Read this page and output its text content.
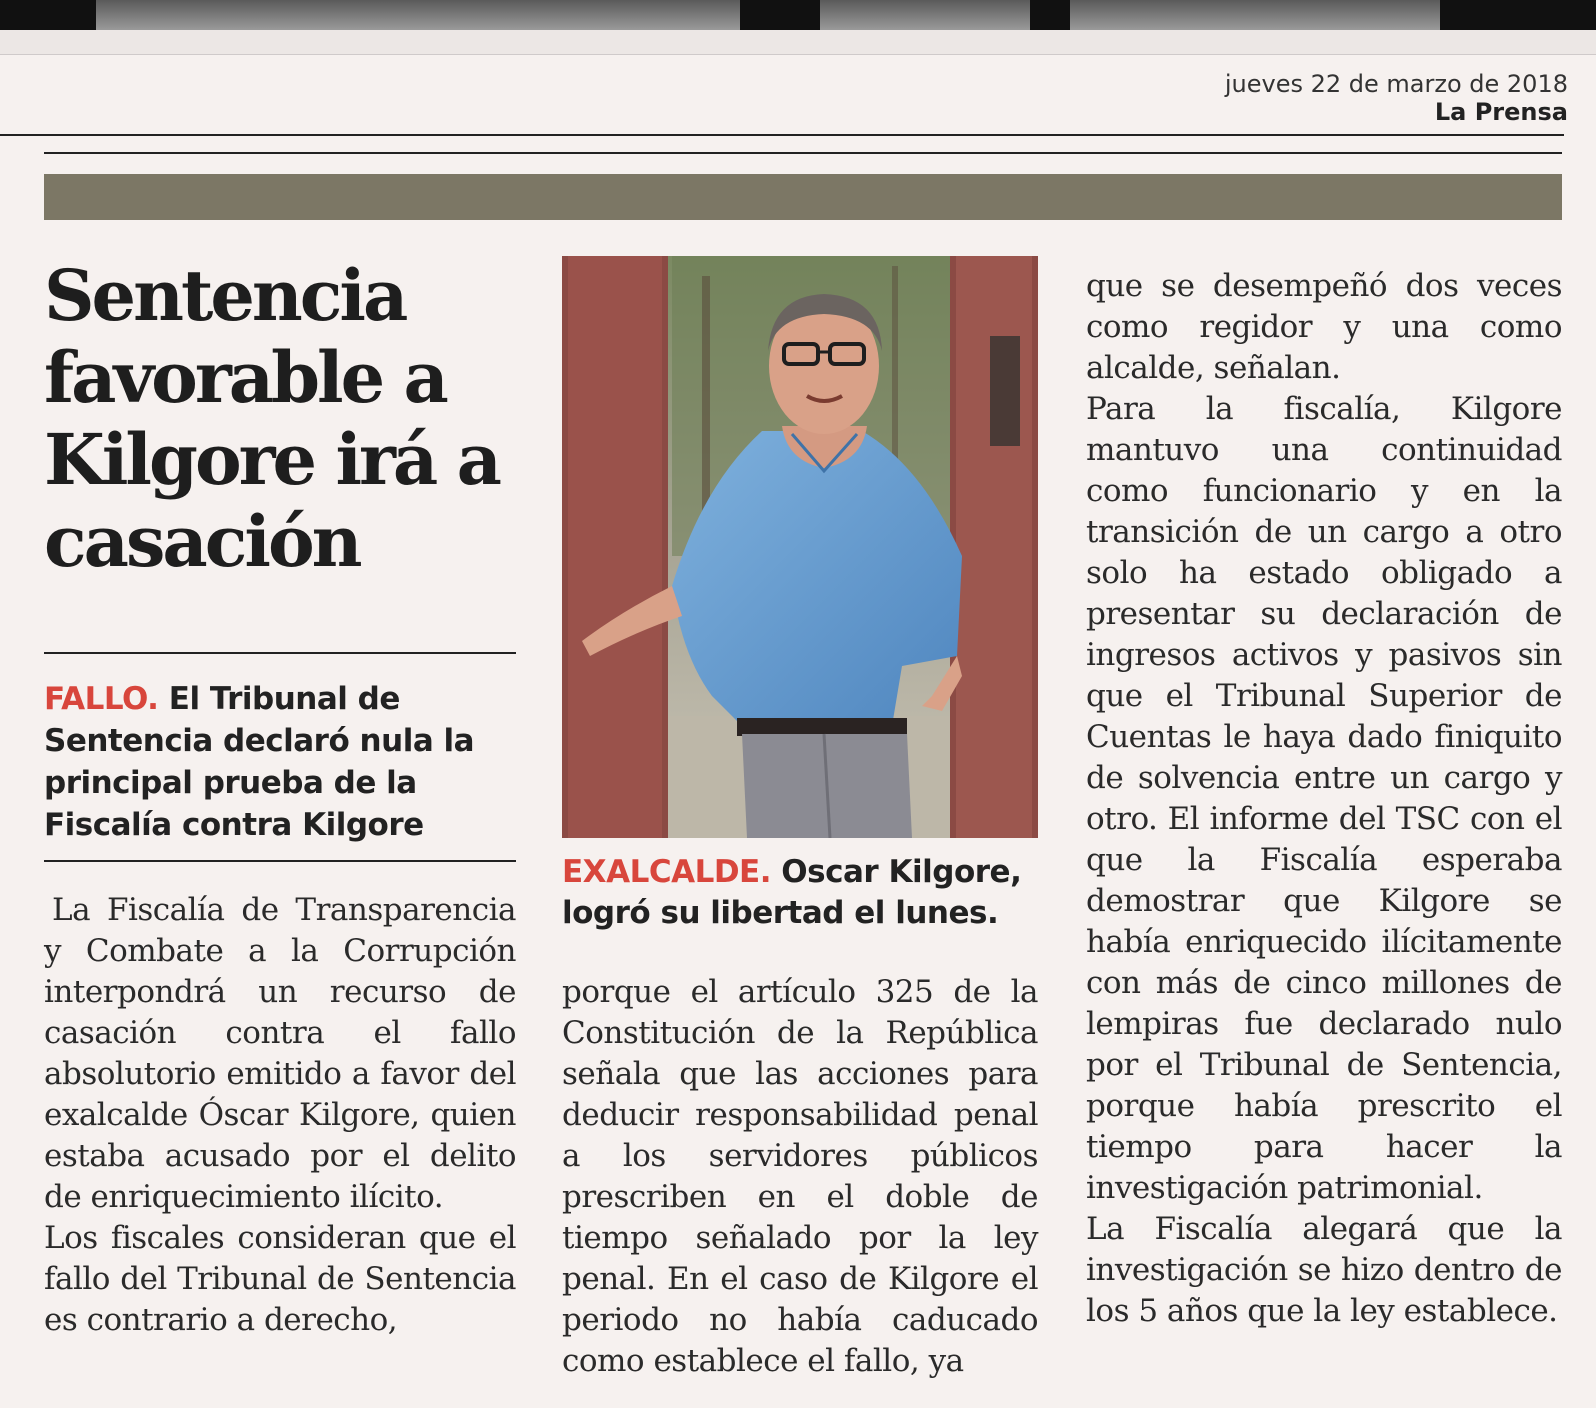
jueves 22 de marzo de 2018
La Prensa
Sentencia favorable a Kilgore irá a casación
FALLO. El Tribunal de Sentencia declaró nula la principal prueba de la Fiscalía contra Kilgore

La Fiscalía de Transparencia y Combate a la Corrupción interpondrá un recurso de casación contra el fallo absolutorio emitido a favor del exalcalde Óscar Kilgore, quien estaba acusado por el delito de enriquecimiento ilícito.

Los fiscales consideran que el fallo del Tribunal de Sentencia es contrario a derecho,

EXALCALDE. Oscar Kilgore, logró su libertad el lunes.

porque el artículo 325 de la Constitución de la República señala que las acciones para deducir responsabilidad penal a los servidores públicos prescriben en el doble de tiempo señalado por la ley penal. En el caso de Kilgore el periodo no había caducado como establece el fallo, ya

que se desempeñó dos veces como regidor y una como alcalde, señalan.

Para la fiscalía, Kilgore mantuvo una continuidad como funcionario y en la transición de un cargo a otro solo ha estado obligado a presentar su declaración de ingresos activos y pasivos sin que el Tribunal Superior de Cuentas le haya dado finiquito de solvencia entre un cargo y otro. El informe del TSC con el que la Fiscalía esperaba demostrar que Kilgore se había enriquecido ilícitamente con más de cinco millones de lempiras fue declarado nulo por el Tribunal de Sentencia, porque había prescrito el tiempo para hacer la investigación patrimonial.

La Fiscalía alegará que la investigación se hizo dentro de los 5 años que la ley establece.
